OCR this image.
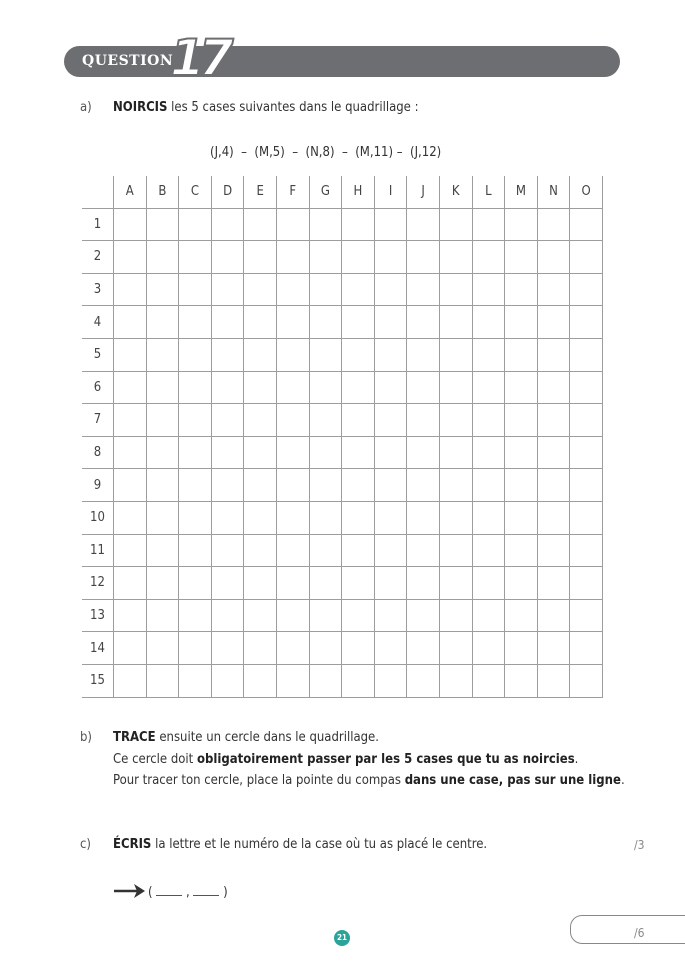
QUESTION
17
a) NOIRCIS les 5 cases suivantes dans le quadrillage :
(J,4)  –  (M,5)  –  (N,8)  –  (M,11) –  (J,12)
	A	B	C	D	E	F	G	H	I	J	K	L	M	N	O
1															
2															
3															
4															
5															
6															
7															
8															
9															
10															
11															
12															
13															
14															
15															
b) TRACE ensuite un cercle dans le quadrillage.
Ce cercle doit obligatoirement passer par les 5 cases que tu as noircies.
Pour tracer ton cercle, place la pointe du compas dans une case, pas sur une ligne.
c) ÉCRIS la lettre et le numéro de la case où tu as placé le centre.	/3
(  ,  )
/6
21
